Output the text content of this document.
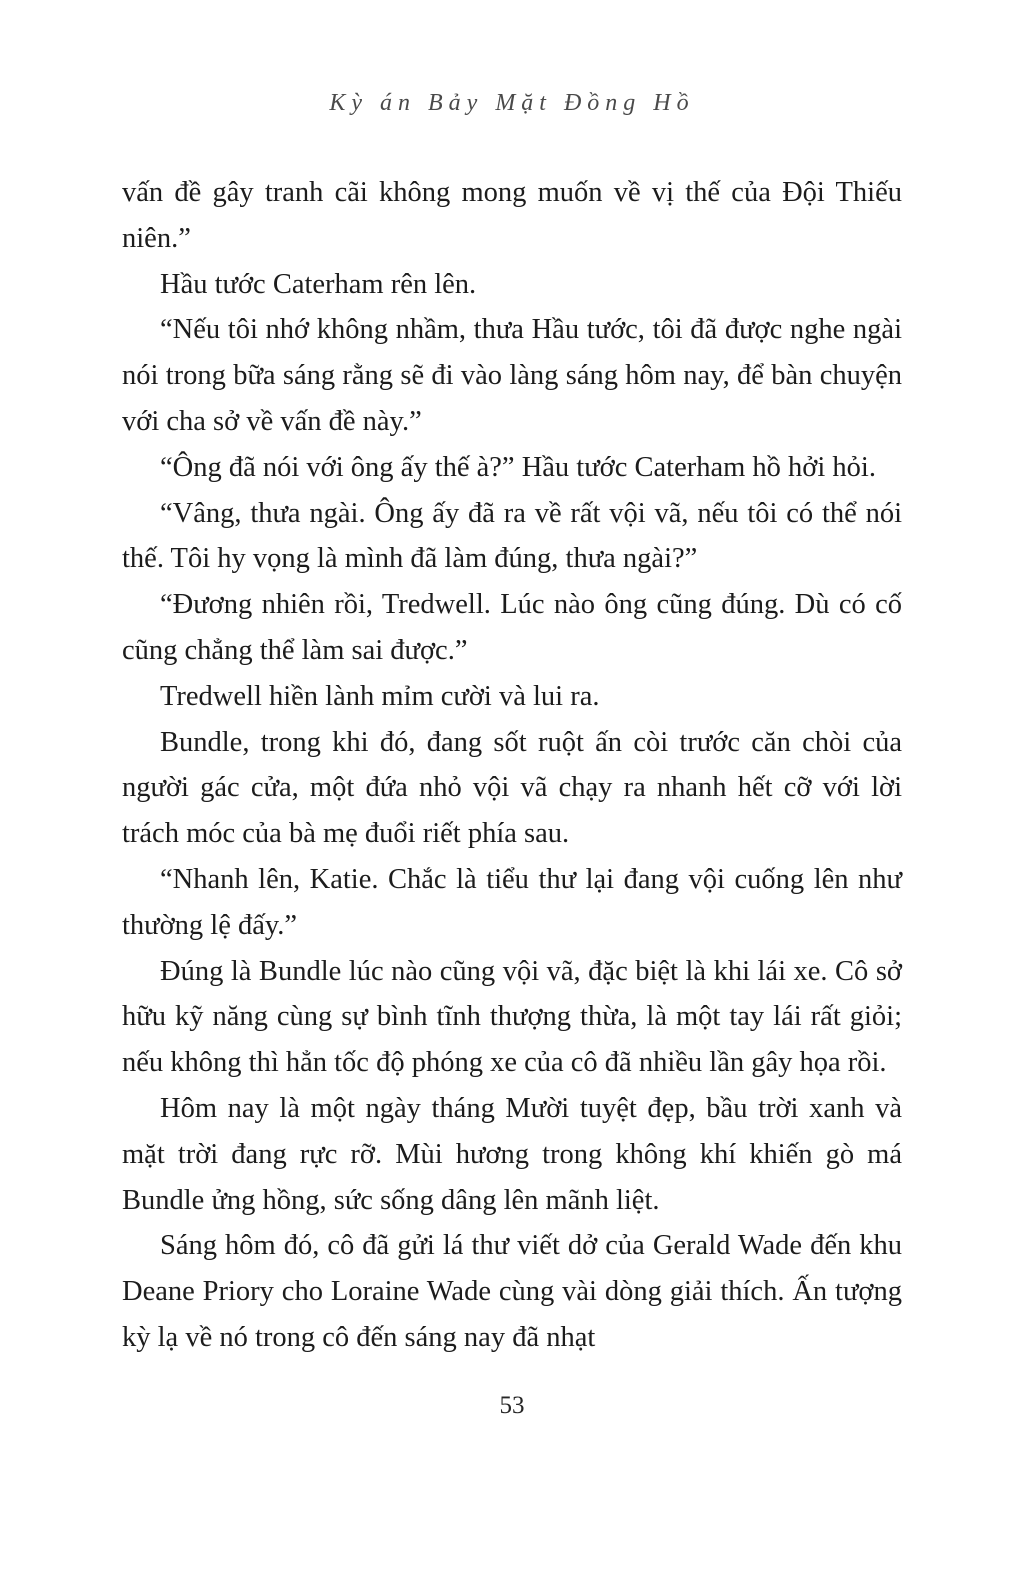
Kỳ án Bảy Mặt Đồng Hồ

vấn đề gây tranh cãi không mong muốn về vị thế của Đội Thiếu niên.”

Hầu tước Caterham rên lên.

“Nếu tôi nhớ không nhầm, thưa Hầu tước, tôi đã được nghe ngài nói trong bữa sáng rằng sẽ đi vào làng sáng hôm nay, để bàn chuyện với cha sở về vấn đề này.”

“Ông đã nói với ông ấy thế à?” Hầu tước Caterham hồ hởi hỏi.

“Vâng, thưa ngài. Ông ấy đã ra về rất vội vã, nếu tôi có thể nói thế. Tôi hy vọng là mình đã làm đúng, thưa ngài?”

“Đương nhiên rồi, Tredwell. Lúc nào ông cũng đúng. Dù có cố cũng chẳng thể làm sai được.”

Tredwell hiền lành mỉm cười và lui ra.

Bundle, trong khi đó, đang sốt ruột ấn còi trước căn chòi của người gác cửa, một đứa nhỏ vội vã chạy ra nhanh hết cỡ với lời trách móc của bà mẹ đuổi riết phía sau.

“Nhanh lên, Katie. Chắc là tiểu thư lại đang vội cuống lên như thường lệ đấy.”

Đúng là Bundle lúc nào cũng vội vã, đặc biệt là khi lái xe. Cô sở hữu kỹ năng cùng sự bình tĩnh thượng thừa, là một tay lái rất giỏi; nếu không thì hẳn tốc độ phóng xe của cô đã nhiều lần gây họa rồi.

Hôm nay là một ngày tháng Mười tuyệt đẹp, bầu trời xanh và mặt trời đang rực rỡ. Mùi hương trong không khí khiến gò má Bundle ửng hồng, sức sống dâng lên mãnh liệt.

Sáng hôm đó, cô đã gửi lá thư viết dở của Gerald Wade đến khu Deane Priory cho Loraine Wade cùng vài dòng giải thích. Ấn tượng kỳ lạ về nó trong cô đến sáng nay đã nhạt

53
